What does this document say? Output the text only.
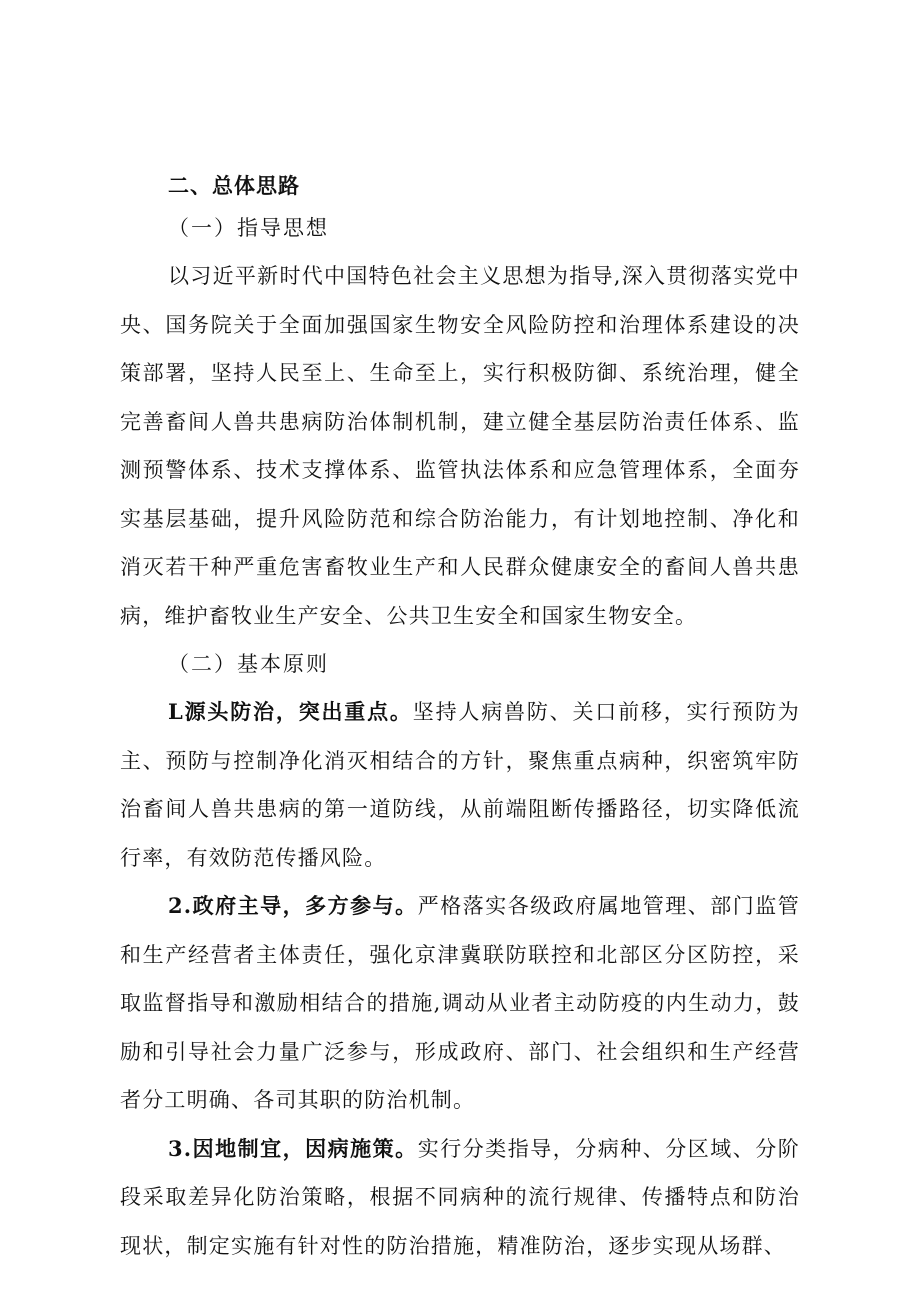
二、总体思路

（一）指导思想

以习近平新时代中国特色社会主义思想为指导,深入贯彻落实党中央、国务院关于全面加强国家生物安全风险防控和治理体系建设的决策部署，坚持人民至上、生命至上，实行积极防御、系统治理，健全完善畜间人兽共患病防治体制机制，建立健全基层防治责任体系、监测预警体系、技术支撑体系、监管执法体系和应急管理体系，全面夯实基层基础，提升风险防范和综合防治能力，有计划地控制、净化和消灭若干种严重危害畜牧业生产和人民群众健康安全的畜间人兽共患病，维护畜牧业生产安全、公共卫生安全和国家生物安全。

（二）基本原则

L源头防治，突出重点。坚持人病兽防、关口前移，实行预防为主、预防与控制净化消灭相结合的方针，聚焦重点病种，织密筑牢防治畜间人兽共患病的第一道防线，从前端阻断传播路径，切实降低流行率，有效防范传播风险。

2.政府主导，多方参与。严格落实各级政府属地管理、部门监管和生产经营者主体责任，强化京津冀联防联控和北部区分区防控，采取监督指导和激励相结合的措施,调动从业者主动防疫的内生动力，鼓励和引导社会力量广泛参与，形成政府、部门、社会组织和生产经营者分工明确、各司其职的防治机制。

3.因地制宜，因病施策。实行分类指导，分病种、分区域、分阶段采取差异化防治策略，根据不同病种的流行规律、传播特点和防治现状，制定实施有针对性的防治措施，精准防治，逐步实现从场群、
